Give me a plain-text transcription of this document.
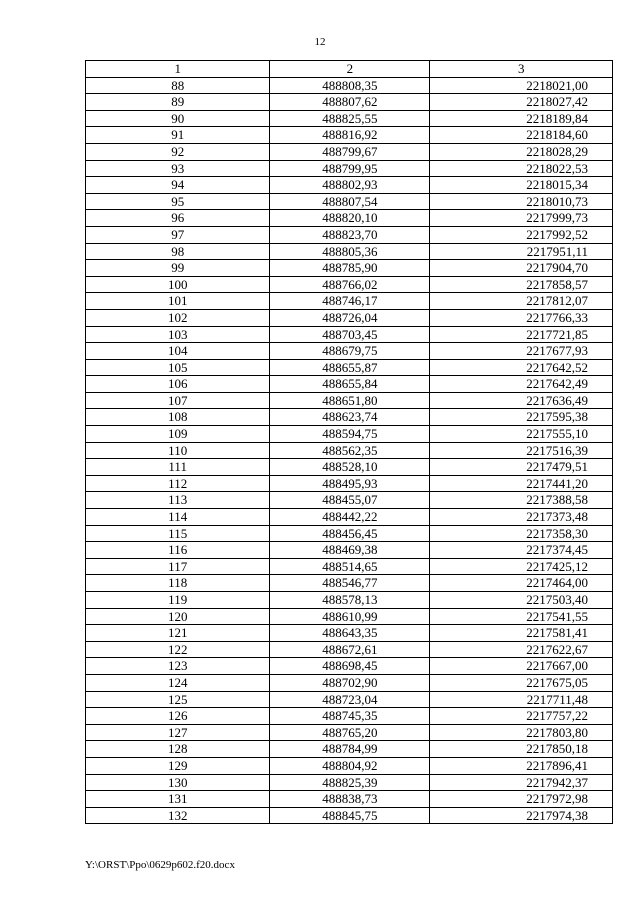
12
1	2	3
88	488808,35	2218021,00
89	488807,62	2218027,42
90	488825,55	2218189,84
91	488816,92	2218184,60
92	488799,67	2218028,29
93	488799,95	2218022,53
94	488802,93	2218015,34
95	488807,54	2218010,73
96	488820,10	2217999,73
97	488823,70	2217992,52
98	488805,36	2217951,11
99	488785,90	2217904,70
100	488766,02	2217858,57
101	488746,17	2217812,07
102	488726,04	2217766,33
103	488703,45	2217721,85
104	488679,75	2217677,93
105	488655,87	2217642,52
106	488655,84	2217642,49
107	488651,80	2217636,49
108	488623,74	2217595,38
109	488594,75	2217555,10
110	488562,35	2217516,39
111	488528,10	2217479,51
112	488495,93	2217441,20
113	488455,07	2217388,58
114	488442,22	2217373,48
115	488456,45	2217358,30
116	488469,38	2217374,45
117	488514,65	2217425,12
118	488546,77	2217464,00
119	488578,13	2217503,40
120	488610,99	2217541,55
121	488643,35	2217581,41
122	488672,61	2217622,67
123	488698,45	2217667,00
124	488702,90	2217675,05
125	488723,04	2217711,48
126	488745,35	2217757,22
127	488765,20	2217803,80
128	488784,99	2217850,18
129	488804,92	2217896,41
130	488825,39	2217942,37
131	488838,73	2217972,98
132	488845,75	2217974,38
Y:\ORST\Ppo\0629p602.f20.docx
